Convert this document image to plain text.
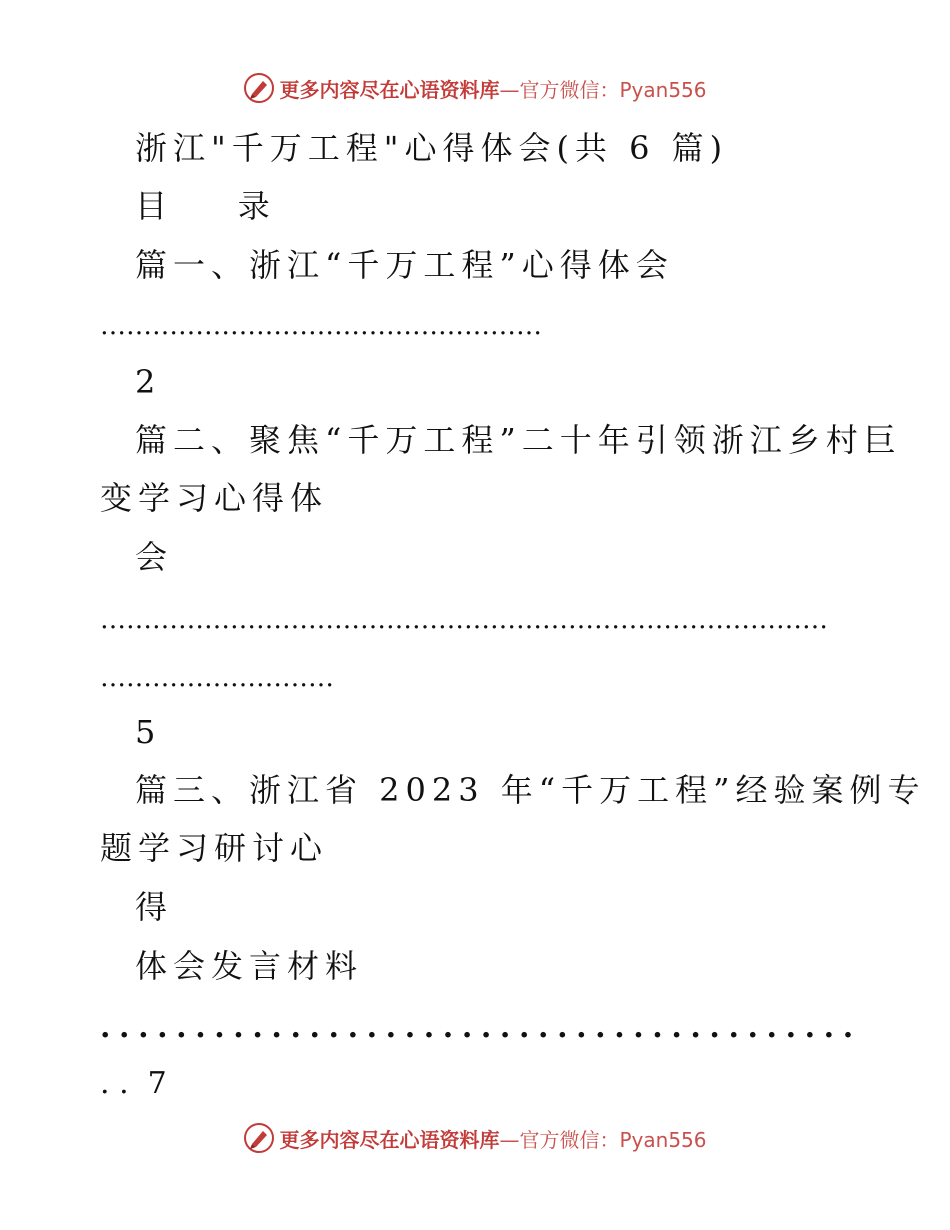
更多内容尽在心语资料库—官方微信：Pyan556
浙江"千万工程"心得体会(共 6 篇)
目    录
篇一、浙江“千万工程”心得体会
……………………………………………
2
篇二、聚焦“千万工程”二十年引领浙江乡村巨
变学习心得体
会
…………………………………………………………………………
………………………
5
篇三、浙江省 2023 年“千万工程”经验案例专
题学习研讨心
得
体会发言材料
........................................
. .  7
更多内容尽在心语资料库—官方微信：Pyan556
